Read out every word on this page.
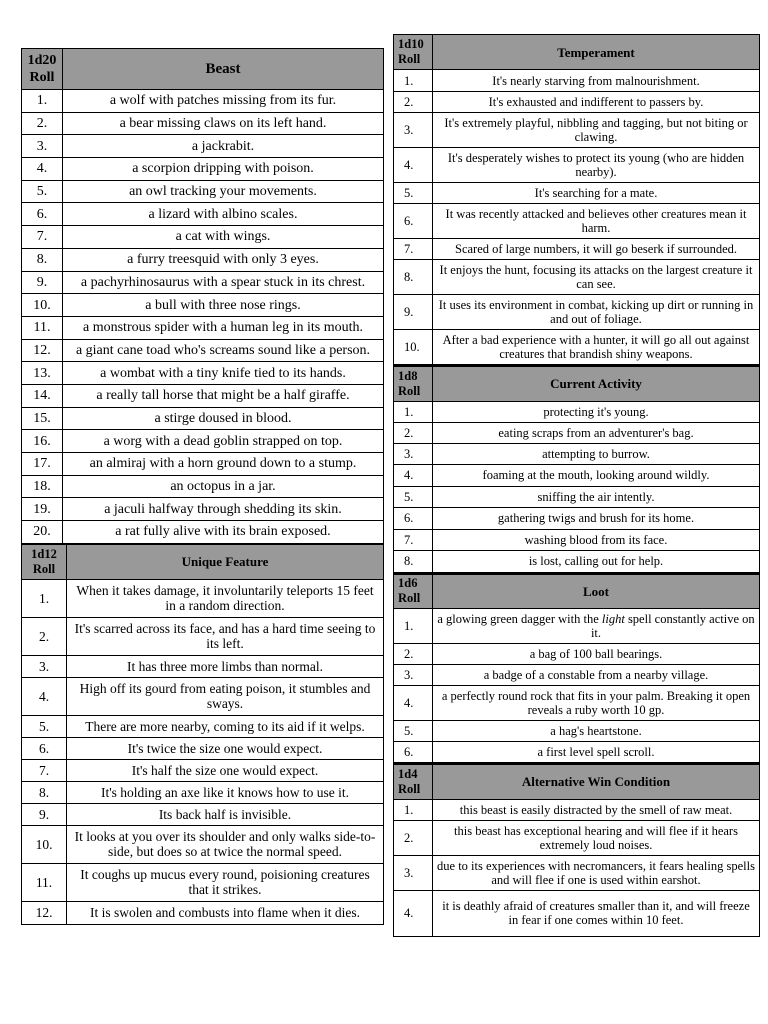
1d20
Roll	Beast
1.	a wolf with patches missing from its fur.
2.	a bear missing claws on its left hand.
3.	a jackrabit.
4.	a scorpion dripping with poison.
5.	an owl tracking your movements.
6.	a lizard with albino scales.
7.	a cat with wings.
8.	a furry treesquid with only 3 eyes.
9.	a pachyrhinosaurus with a spear stuck in its chrest.
10.	a bull with three nose rings.
11.	a monstrous spider with a human leg in its mouth.
12.	a giant cane toad who's screams sound like a person.
13.	a wombat with a tiny knife tied to its hands.
14.	a really tall horse that might be a half giraffe.
15.	a stirge doused in blood.
16.	a worg with a dead goblin strapped on top.
17.	an almiraj with a horn ground down to a stump.
18.	an octopus in a jar.
19.	a jaculi halfway through shedding its skin.
20.	a rat fully alive with its brain exposed.
1d12
Roll	Unique Feature
1.	When it takes damage, it involuntarily teleports 15 feet in a random direction.
2.	It's scarred across its face, and has a hard time seeing to its left.
3.	It has three more limbs than normal.
4.	High off its gourd from eating poison, it stumbles and sways.
5.	There are more nearby, coming to its aid if it welps.
6.	It's twice the size one would expect.
7.	It's half the size one would expect.
8.	It's holding an axe like it knows how to use it.
9.	Its back half is invisible.
10.	It looks at you over its shoulder and only walks side-to-side, but does so at twice the normal speed.
11.	It coughs up mucus every round, poisioning creatures that it strikes.
12.	It is swolen and combusts into flame when it dies.
1d10
Roll	Temperament
1.	It's nearly starving from malnourishment.
2.	It's exhausted and indifferent to passers by.
3.	It's extremely playful, nibbling and tagging, but not biting or clawing.
4.	It's desperately wishes to protect its young (who are hidden nearby).
5.	It's searching for a mate.
6.	It was recently attacked and believes other creatures mean it harm.
7.	Scared of large numbers, it will go beserk if surrounded.
8.	It enjoys the hunt, focusing its attacks on the largest creature it can see.
9.	It uses its environment in combat, kicking up dirt or running in and out of foliage.
10.	After a bad experience with a hunter, it will go all out against creatures that brandish shiny weapons.
1d8
Roll	Current Activity
1.	protecting it's young.
2.	eating scraps from an adventurer's bag.
3.	attempting to burrow.
4.	foaming at the mouth, looking around wildly.
5.	sniffing the air intently.
6.	gathering twigs and brush for its home.
7.	washing blood from its face.
8.	is lost, calling out for help.
1d6
Roll	Loot
1.	a glowing green dagger with the light spell constantly active on it.
2.	a bag of 100 ball bearings.
3.	a badge of a constable from a nearby village.
4.	a perfectly round rock that fits in your palm. Breaking it open reveals a ruby worth 10 gp.
5.	a hag's heartstone.
6.	a first level spell scroll.
1d4
Roll	Alternative Win Condition
1.	this beast is easily distracted by the smell of raw meat.
2.	this beast has exceptional hearing and will flee if it hears extremely loud noises.
3.	due to its experiences with necromancers, it fears healing spells and will flee if one is used within earshot.
4.	it is deathly afraid of creatures smaller than it, and will freeze in fear if one comes within 10 feet.
